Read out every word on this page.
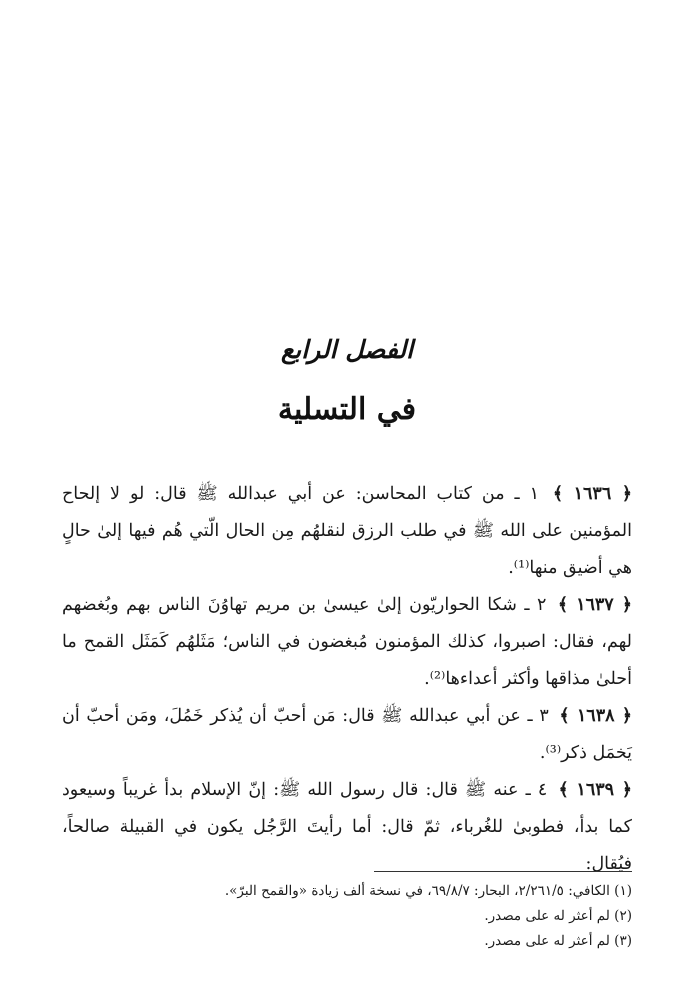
الفصل الرابع
في التسلية

﴿ ١٦٣٦ ﴾ ١ ـ من كتاب المحاسن: عن أبي عبدالله ﷺ قال: لو لا إلحاح المؤمنين على الله ﷺ في طلب الرزق لنقلهُم مِن الحال الّتي هُم فيها إلىٰ حالٍ هي أضيق منها⁽¹⁾.

﴿ ١٦٣٧ ﴾ ٢ ـ شكا الحواريّون إلىٰ عيسىٰ بن مريم تهاوُنَ الناس بهم وبُغضهم لهم، فقال: اصبروا، كذلك المؤمنون مُبغضون في الناس؛ مَثَلهُم كَمَثَل القمح ما أحلىٰ مذاقها وأكثر أعداءها⁽²⁾.

﴿ ١٦٣٨ ﴾ ٣ ـ عن أبي عبدالله ﷺ قال: مَن أحبّ أن يُذكر خَمُلَ، ومَن أحبّ أن يَخمَل ذكر⁽³⁾.

﴿ ١٦٣٩ ﴾ ٤ ـ عنه ﷺ قال: قال رسول الله ﷺ: إنّ الإسلام بدأ غريباً وسيعود كما بدأ، فطوبىٰ للغُرباء، ثمّ قال: أما رأيتَ الرَّجُل يكون في القبيلة صالحاً، فيُقال:

(١) الكافي: ٢/٢٦١/٥، البحار: ٦٩/٨/٧، في نسخة ألف زيادة «والقمح البرّ».

(٢) لم أعثر له على مصدر.

(٣) لم أعثر له على مصدر.
